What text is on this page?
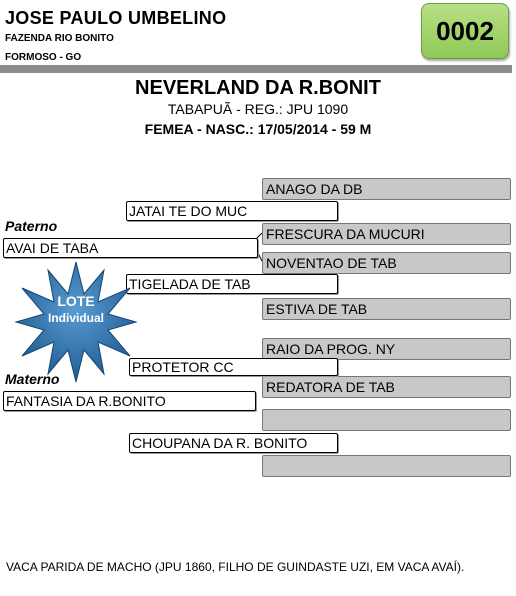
JOSE PAULO UMBELINO
FAZENDA RIO BONITO
FORMOSO - GO
0002
NEVERLAND DA R.BONIT
TABAPUÃ - REG.: JPU 1090
FEMEA - NASC.: 17/05/2014 - 59 M
ANAGO DA DB
FRESCURA DA MUCURI
NOVENTAO DE TAB
ESTIVA DE TAB
RAIO DA PROG. NY
REDATORA DE TAB
JATAI TE DO MUC
TIGELADA DE TAB
PROTETOR CC
CHOUPANA DA R. BONITO
Paterno
AVAI DE TABA
Materno
FANTASIA DA R.BONITO
LOTE
Individual
VACA PARIDA DE MACHO (JPU 1860, FILHO DE GUINDASTE UZI, EM VACA AVAÍ).
